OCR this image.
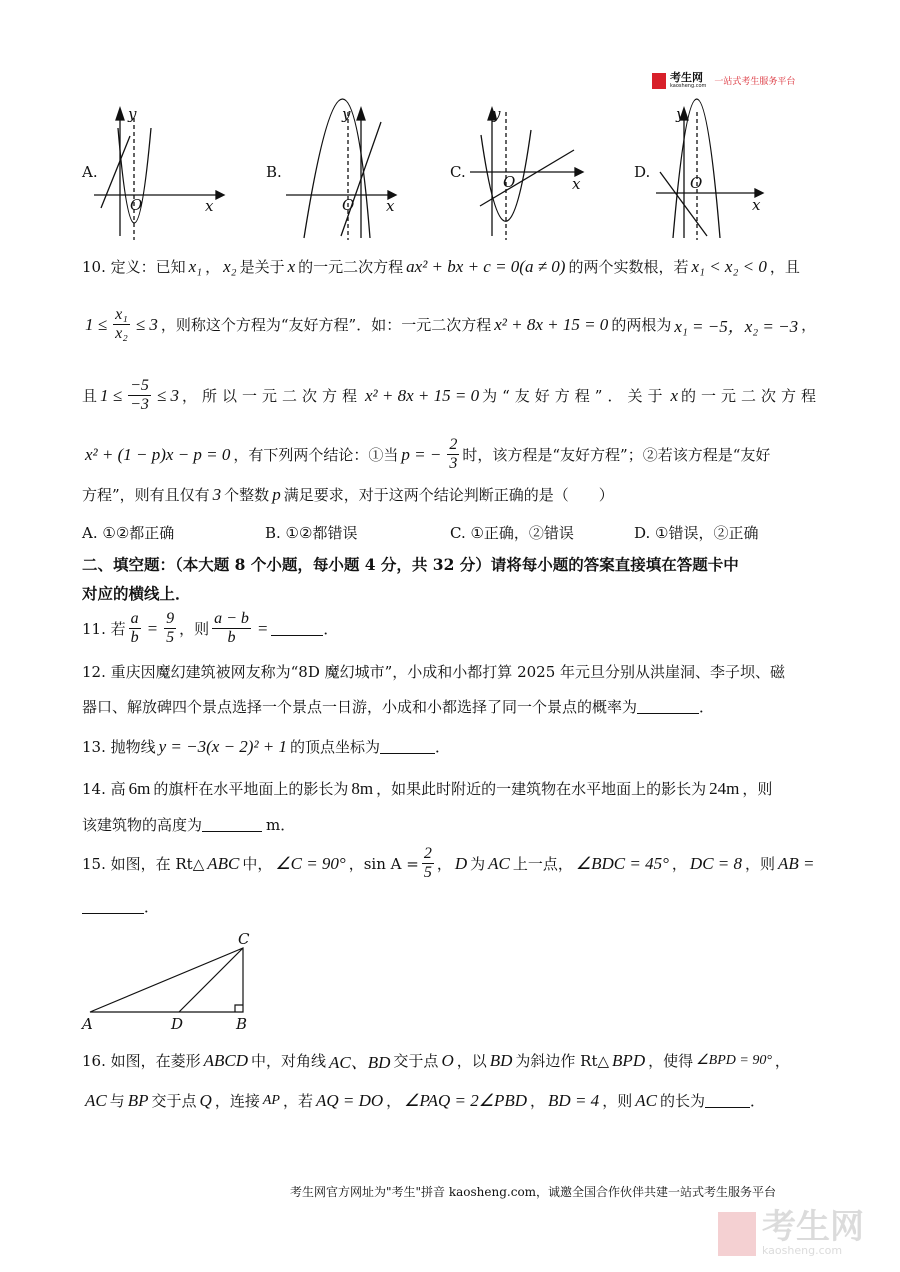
考生网
kaosheng.com 一站式考生服务平台
A.	B.	C.	D.
y
O	x
y
O x
y
O	x
y
O
x
10. 定义：已知 x₁ ， x₂ 是关于 x 的一元二次方程 ax² + bx + c = 0(a ≠ 0) 的两个实数根，若 x₁ < x₂ < 0 ，且
$1 \le \frac{\text{x₁}}{\text{x₂}} \le 3$ ，则称这个方程为“友好方程”．如：一元二次方程 x² + 8x + 15 = 0 的两根为 x₁ = −5，x₂ = −3 ，
且 $1 \le \frac{-5}{-3} \le 3$ ，所以一元二次方程 x² + 8x + 15 = 0 为“友好方程”．关于 x 的一元二次方程
x² + (1 − p)x − p = 0 ，有下列两个结论：①当 p = − $\frac{2}{3}$ 时，该方程是“友好方程”；②若该方程是“友好
方程”，则有且仅有 3 个整数 p 满足要求，对于这两个结论判断正确的是（　　）
A. ①②都正确	B. ①②都错误	C. ①正确，②错误	D. ①错误，②正确
二、填空题：（本大题 8 个小题，每小题 4 分，共 32 分）请将每小题的答案直接填在答题卡中
对应的横线上．
11. 若 $\frac{a}{b} = \frac{9}{5}$ ，则 $\frac{a - b}{b}$ =	．
12. 重庆因魔幻建筑被网友称为“8D 魔幻城市”，小成和小都打算 2025 年元旦分别从洪崖洞、李子坝、磁
器口、解放碑四个景点选择一个景点一日游，小成和小都选择了同一个景点的概率为	．
13. 抛物线 y = −3(x − 2)² + 1 的顶点坐标为	．
14. 高 6m 的旗杆在水平地面上的影长为 8m ，如果此时附近的一建筑物在水平地面上的影长为 24m ，则
该建筑物的高度为	m．
15. 如图，在 Rt△ ABC 中， ∠C = 90° ，$\sin A = \frac{2}{5}$ ， D 为 AC 上一点， ∠BDC = 45° ， DC = 8 ，则 AB =
．
C
A	D	B
16. 如图，在菱形 ABCD 中，对角线 AC、BD 交于点 O ，以 BD 为斜边作 Rt△ BPD ，使得 ∠BPD = 90° ，
AC 与 BP 交于点 Q ，连接 AP ，若 AQ = DO ， ∠PAQ = 2∠PBD ， BD = 4 ，则 AC 的长为	．
考生网官方网址为"考生"拼音 kaosheng.com，诚邀全国合作伙伴共建一站式考生服务平台
考生网
kaosheng.com
